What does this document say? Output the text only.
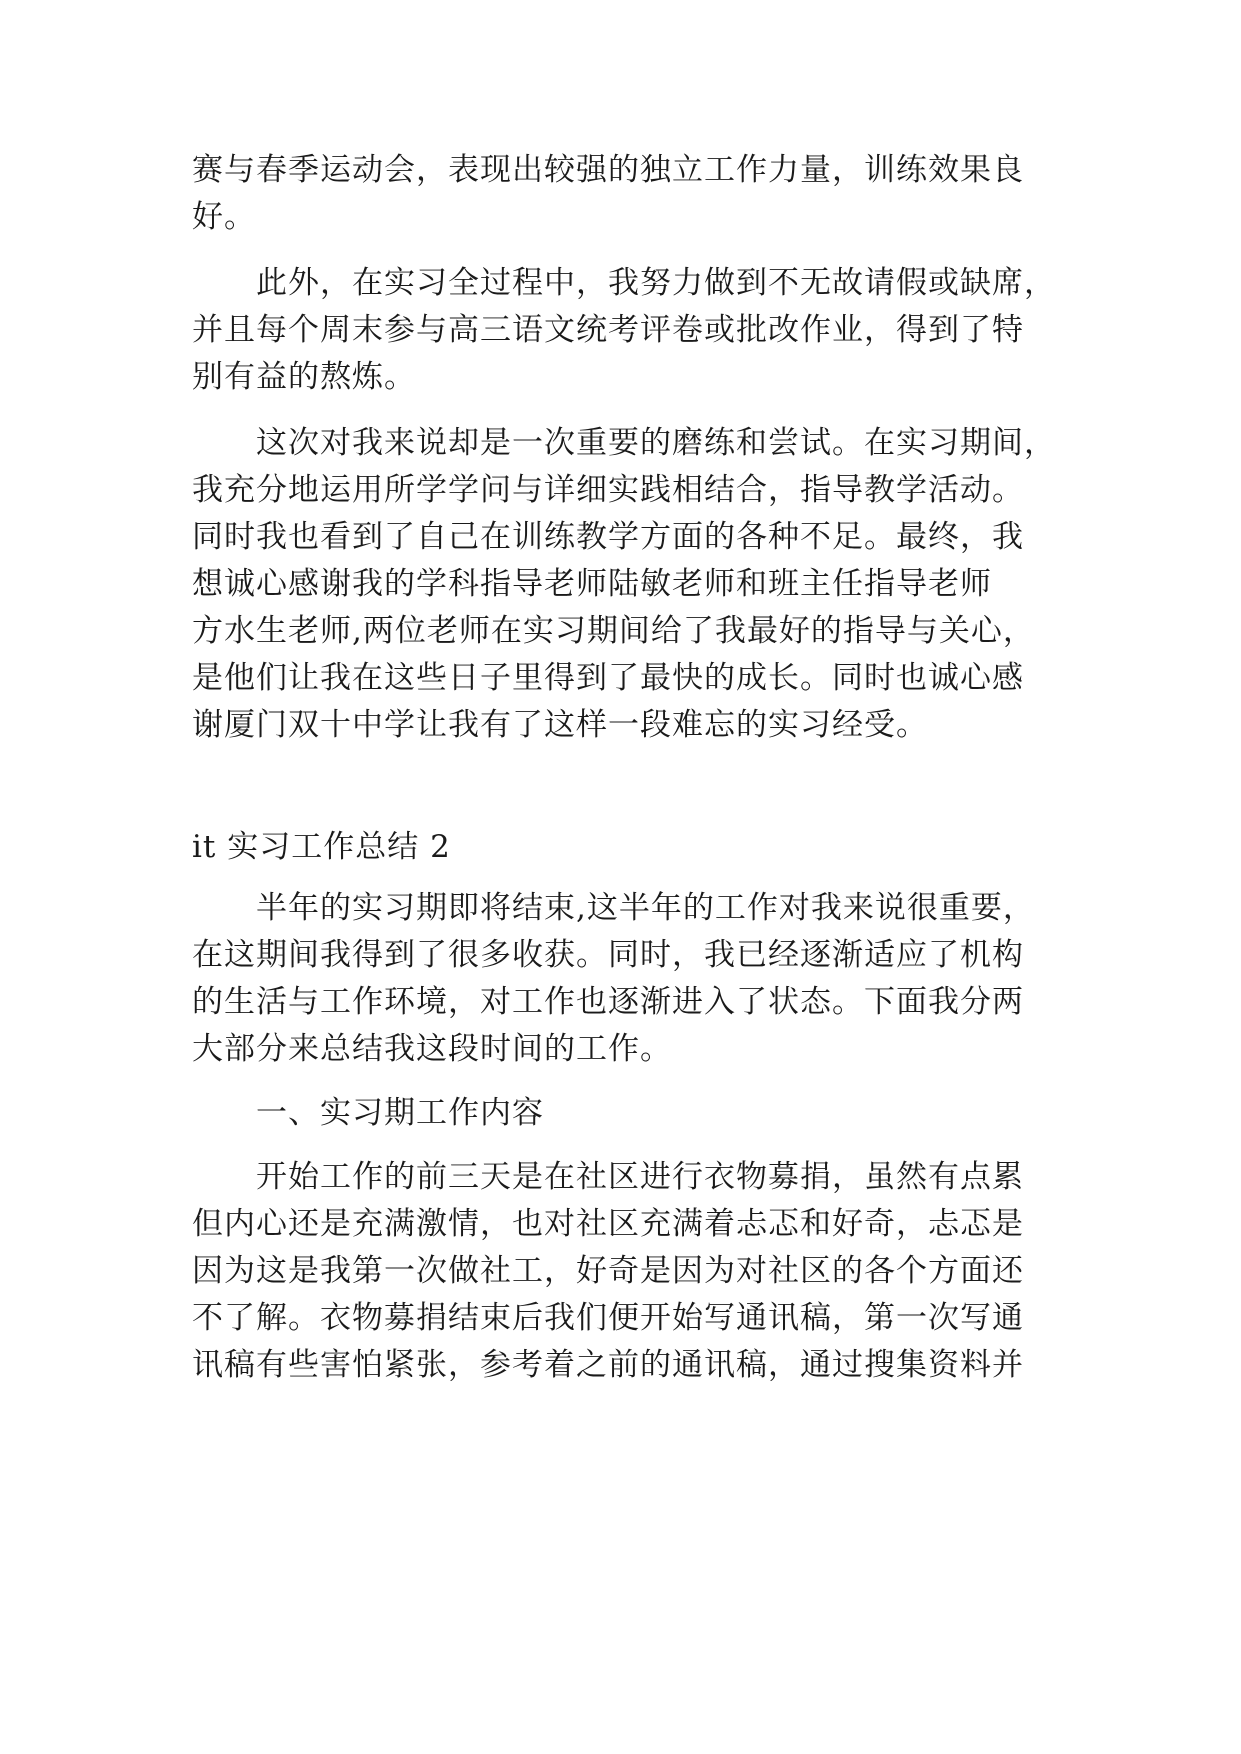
赛与春季运动会，表现出较强的独立工作力量，训练效果良
好。
此外，在实习全过程中，我努力做到不无故请假或缺席，
并且每个周末参与高三语文统考评卷或批改作业，得到了特
别有益的熬炼。
这次对我来说却是一次重要的磨练和尝试。在实习期间，
我充分地运用所学学问与详细实践相结合，指导教学活动。
同时我也看到了自己在训练教学方面的各种不足。最终，我
想诚心感谢我的学科指导老师陆敏老师和班主任指导老师
方水生老师,两位老师在实习期间给了我最好的指导与关心，
是他们让我在这些日子里得到了最快的成长。同时也诚心感
谢厦门双十中学让我有了这样一段难忘的实习经受。
it 实习工作总结 2
半年的实习期即将结束,这半年的工作对我来说很重要，
在这期间我得到了很多收获。同时，我已经逐渐适应了机构
的生活与工作环境，对工作也逐渐进入了状态。下面我分两
大部分来总结我这段时间的工作。
一、实习期工作内容
开始工作的前三天是在社区进行衣物募捐，虽然有点累
但内心还是充满激情，也对社区充满着忐忑和好奇，忐忑是
因为这是我第一次做社工，好奇是因为对社区的各个方面还
不了解。衣物募捐结束后我们便开始写通讯稿，第一次写通
讯稿有些害怕紧张，参考着之前的通讯稿，通过搜集资料并
